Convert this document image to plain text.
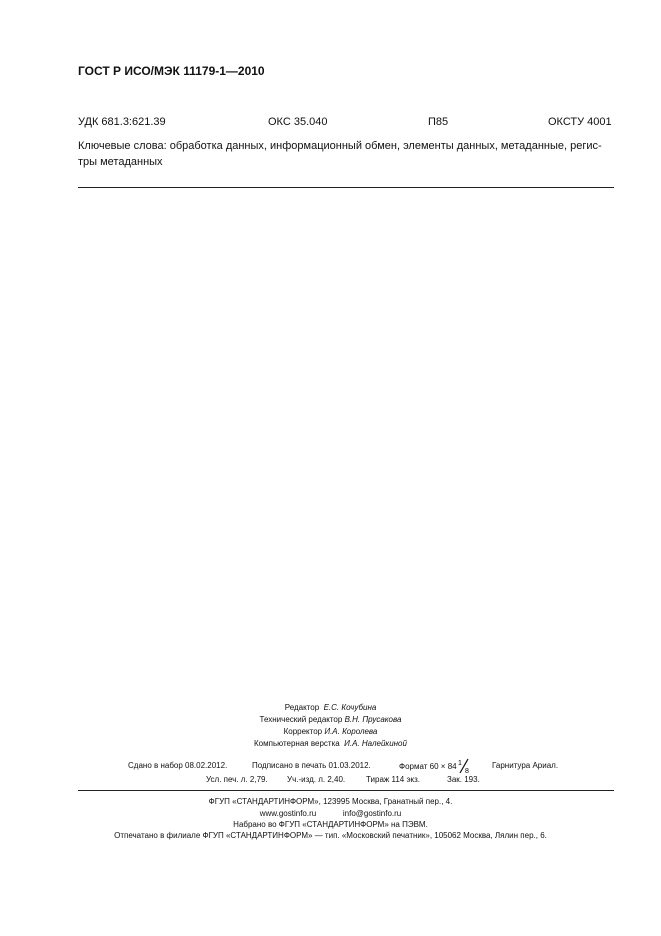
ГОСТ Р ИСО/МЭК 11179-1—2010
УДК 681.3:621.39	ОКС 35.040	П85	ОКСТУ 4001
Ключевые слова: обработка данных, информационный обмен, элементы данных, метаданные, регис-
тры метаданных
Редактор Е.С. Кочубина
Технический редактор В.Н. Прусакова
Корректор И.А. Королева
Компьютерная верстка И.А. Налейкиной
Сдано в набор 08.02.2012.	Подписано в печать 01.03.2012.	Формат 60 × 84 1
8
Гарнитура Ариал.
Усл. печ. л. 2,79. Уч.-изд. л. 2,40.	Тираж 114 экз.	Зак. 193.
ФГУП «СТАНДАРТИНФОРМ», 123995 Москва, Гранатный пер., 4.
www.gostinfo.ru	info@gostinfo.ru
Набрано во ФГУП «СТАНДАРТИНФОРМ» на ПЭВМ.
Отпечатано в филиале ФГУП «СТАНДАРТИНФОРМ» — тип. «Московский печатник», 105062 Москва, Лялин пер., 6.
